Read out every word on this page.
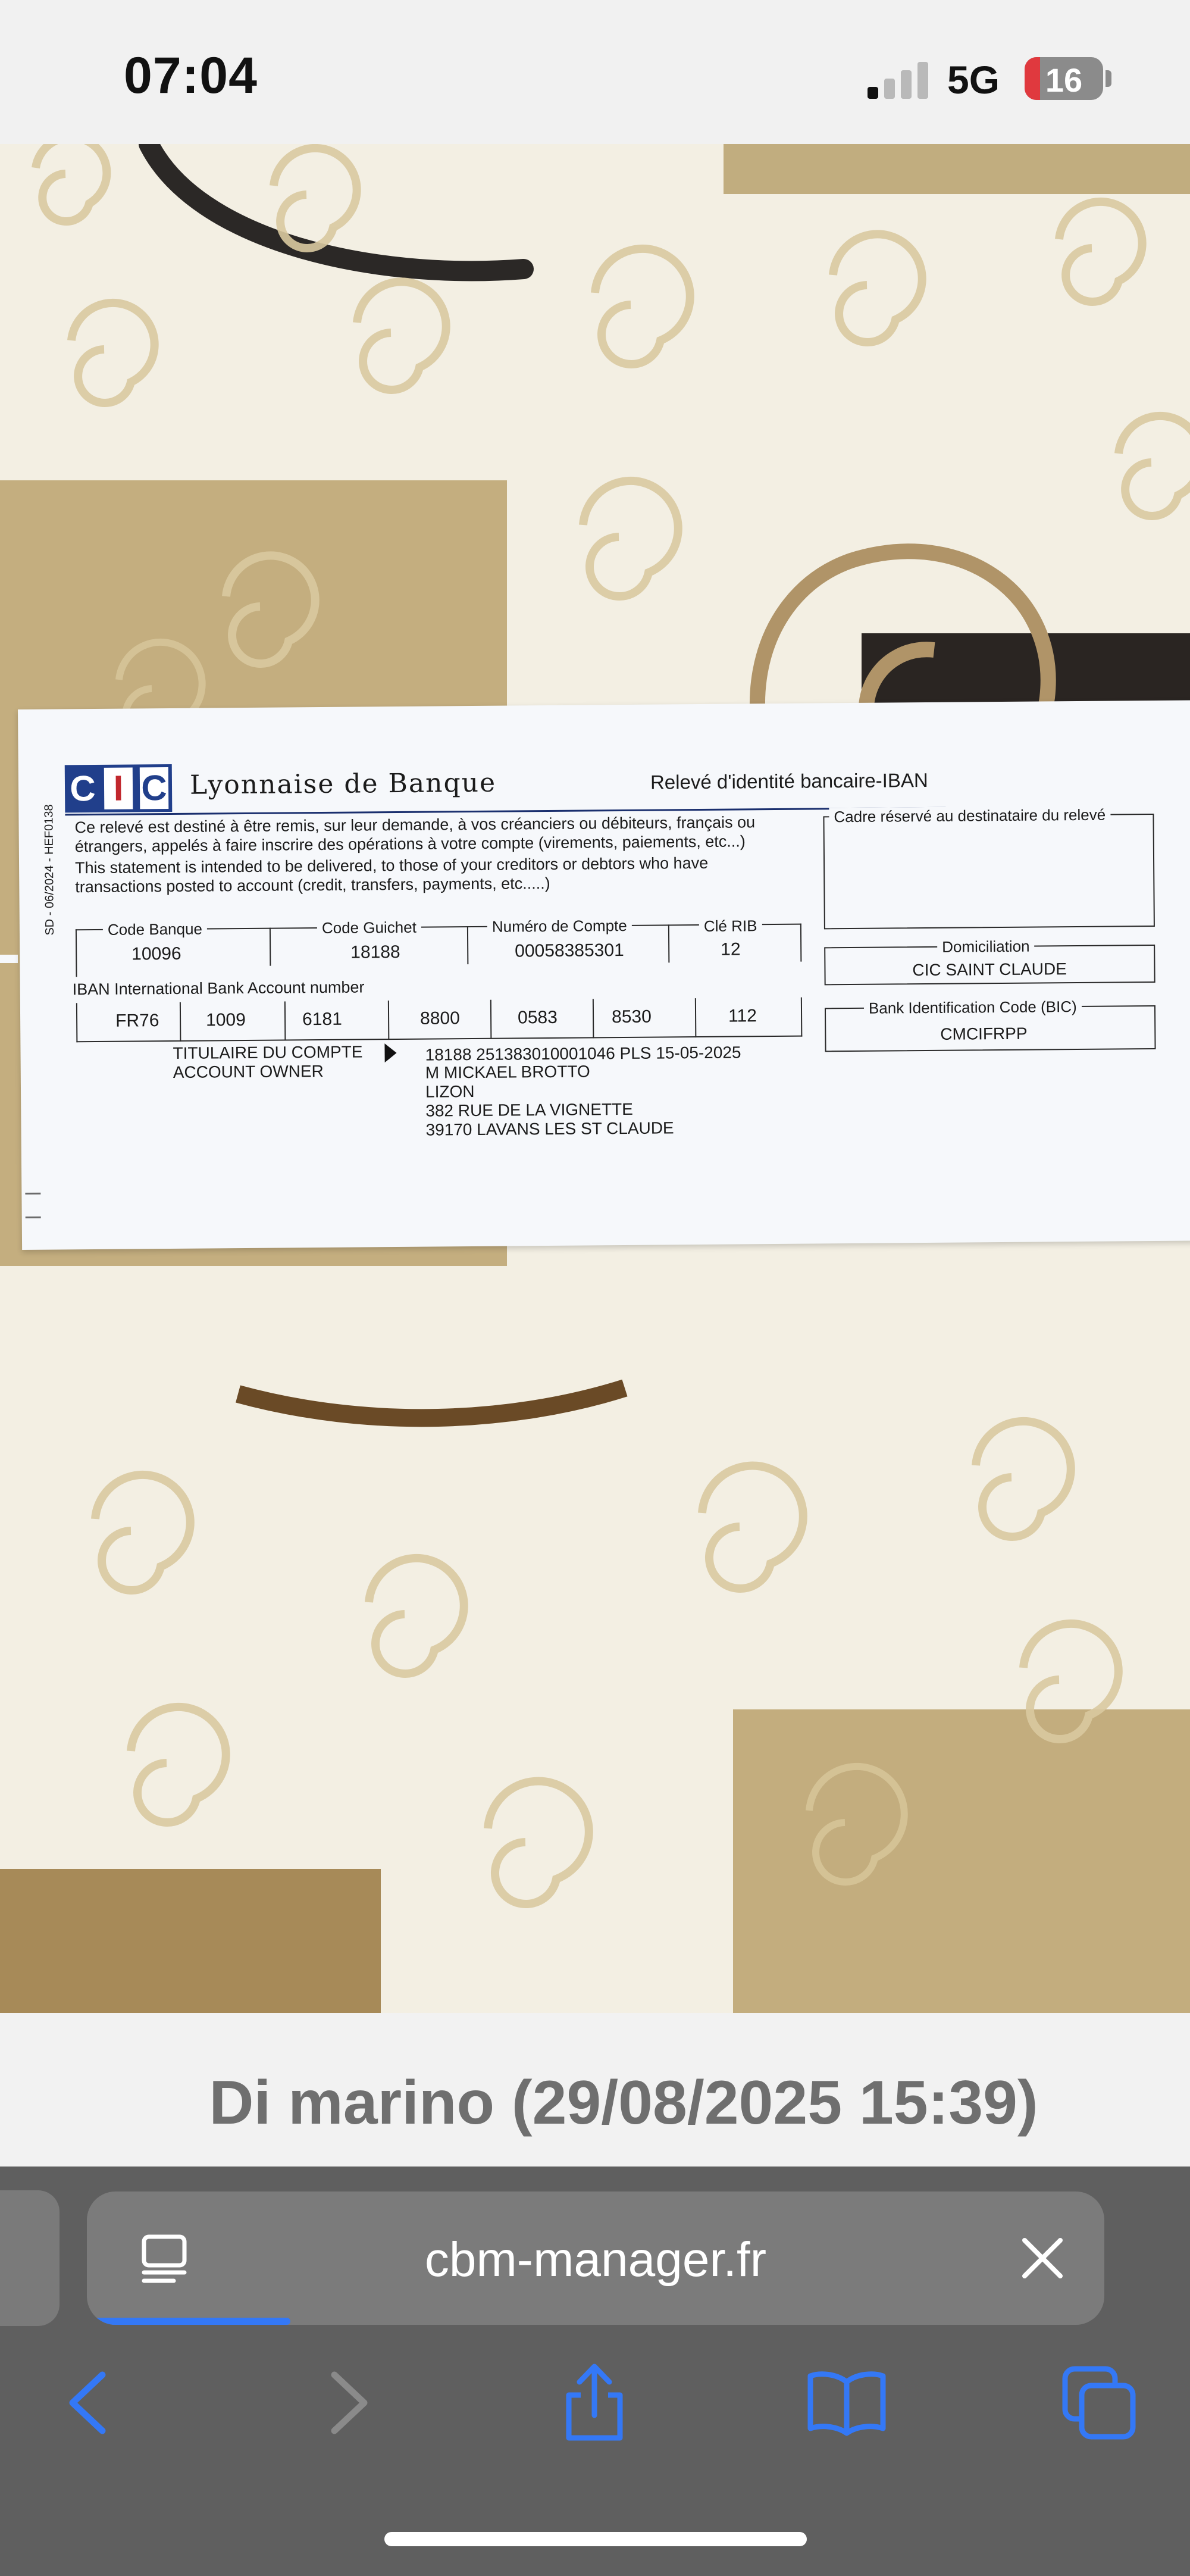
07:04	5G	16
C I C Lyonnaise de Banque	Relevé d'identité bancaire-IBAN
SD - 06/2024 - HEF0138 Ce relevé est destiné à être remis, sur leur demande, à vos créanciers ou débiteurs, français ou
étrangers, appelés à faire inscrire des opérations à votre compte (virements, paiements, etc...)
This statement is intended to be delivered, to those of your creditors or debtors who have
transactions posted to account (credit, transfers, payments, etc.....)
Code Banque	Code Guichet	Numéro de Compte	Clé RIB
10096	18188	00058385301	12
IBAN International Bank Account number
FR76	1009	6181	8800	0583	8530	112
TITULAIRE DU COMPTE
ACCOUNT OWNER
18188 251383010001046 PLS 15-05-2025
M MICKAEL BROTTO
LIZON
382 RUE DE LA VIGNETTE
39170 LAVANS LES ST CLAUDE
Cadre réservé au destinataire du relevé
Domiciliation
CIC SAINT CLAUDE
Bank Identification Code (BIC)
CMCIFRPP
Di marino (29/08/2025 15:39)
cbm-manager.fr
